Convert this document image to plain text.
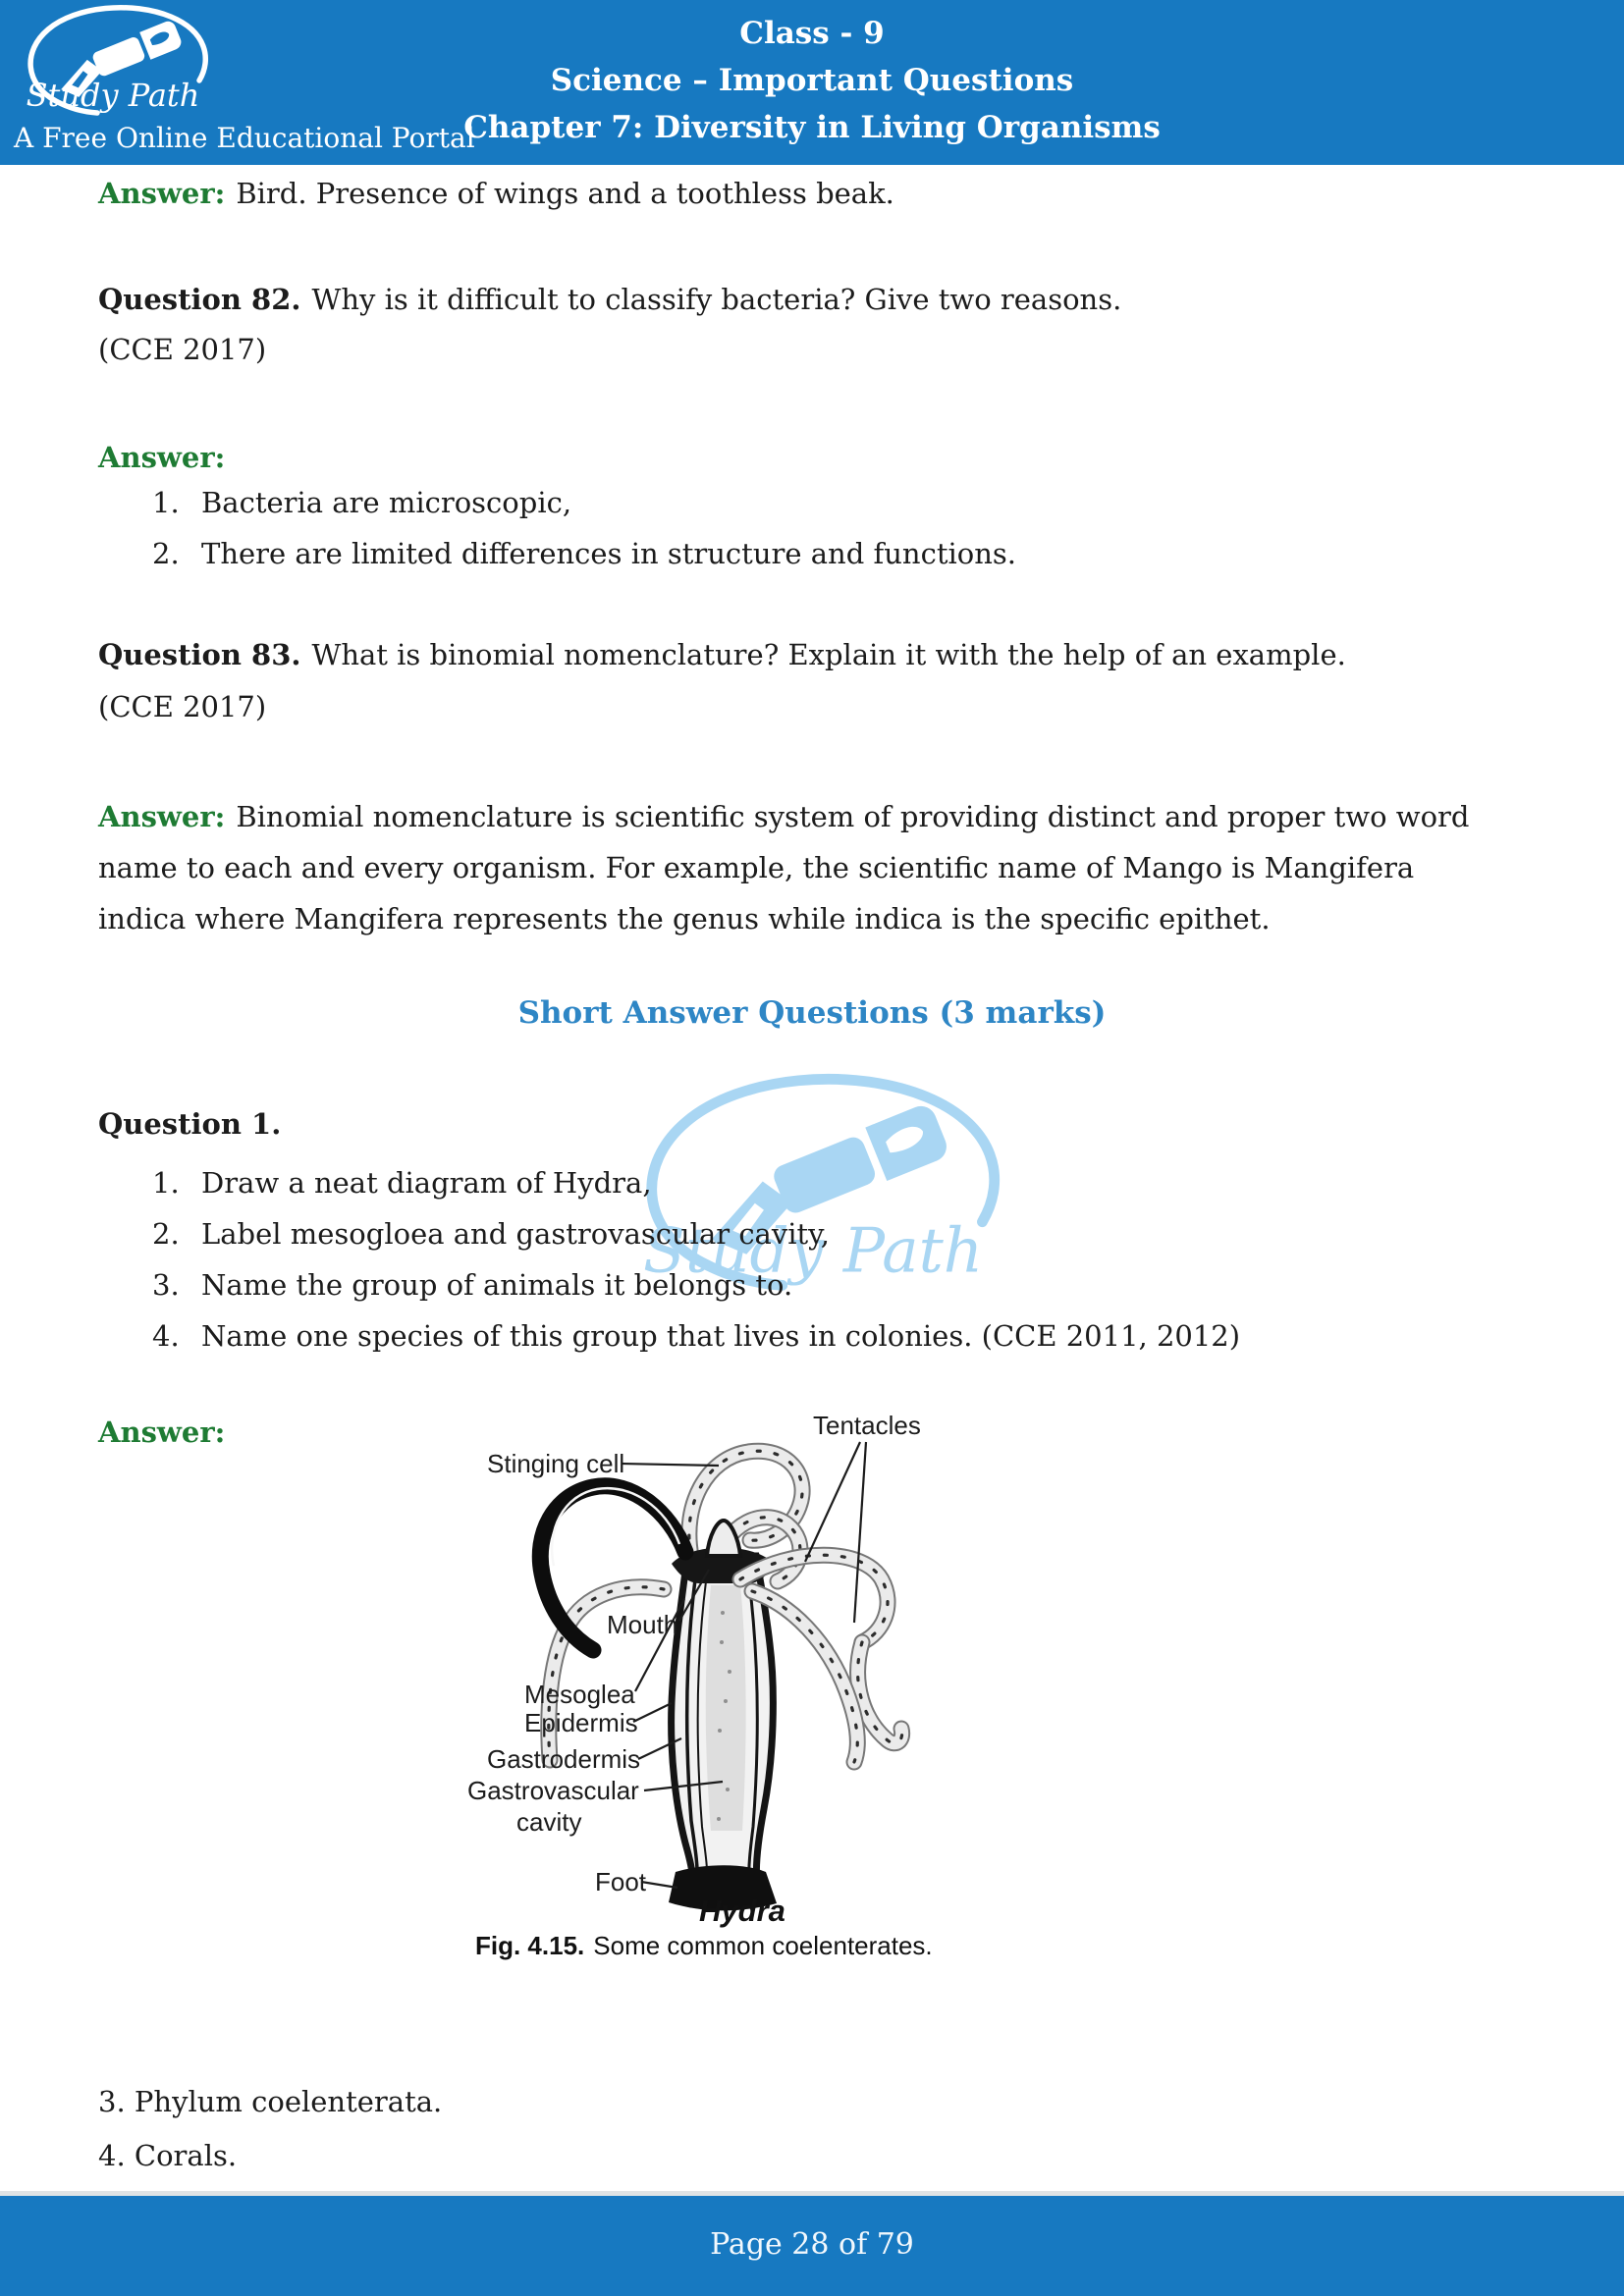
A Free Online Educational Portal
Class - 9
Science – Important Questions
Chapter 7: Diversity in Living Organisms
Answer: Bird. Presence of wings and a toothless beak.
Question 82. Why is it difficult to classify bacteria? Give two reasons.
(CCE 2017)
Answer:
1. Bacteria are microscopic,
2. There are limited differences in structure and functions.
Question 83. What is binomial nomenclature? Explain it with the help of an example.
(CCE 2017)
Answer: Binomial nomenclature is scientific system of providing distinct and proper two word name to each and every organism. For example, the scientific name of Mango is Mangifera indica where Mangifera represents the genus while indica is the specific epithet.
Short Answer Questions (3 marks)
Question 1.
1. Draw a neat diagram of Hydra,
2. Label mesogloea and gastrovascular cavity,
3. Name the group of animals it belongs to.
4. Name one species of this group that lives in colonies. (CCE 2011, 2012)
Answer:	Tentacles
Stinging cell
Mouth
Mesoglea
Epidermis
Gastrodermis
Gastrovascular
cavity
Foot
Hydra
Fig. 4.15. Some common coelenterates.
3. Phylum coelenterata.
4. Corals.
Page 28 of 79
